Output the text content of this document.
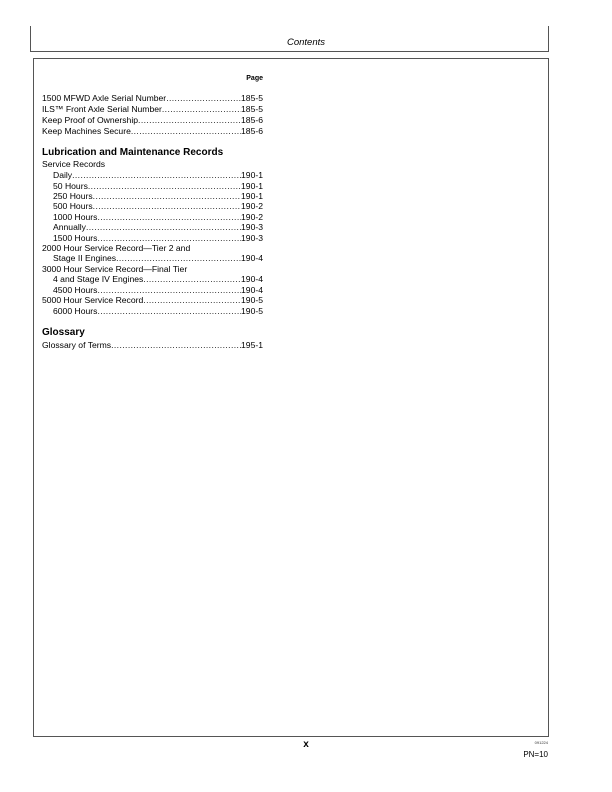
Contents
Page
1500 MFWD Axle Serial Number .....	185-5
ILS™ Front Axle Serial Number .....	185-5
Keep Proof of Ownership .....	185-6
Keep Machines Secure .....	185-6
Lubrication and Maintenance Records
Service Records
Daily .....	190-1
50 Hours .....	190-1
250 Hours .....	190-1
500 Hours .....	190-2
1000 Hours .....	190-2
Annually .....	190-3
1500 Hours .....	190-3
2000 Hour Service Record—Tier 2 and
Stage II Engines .....	190-4
3000 Hour Service Record—Final Tier
4 and Stage IV Engines .....	190-4
4500 Hours .....	190-4
5000 Hour Service Record .....	190-5
6000 Hours .....	190-5
Glossary
Glossary of Terms .....	195-1
x	091224
PN=10
